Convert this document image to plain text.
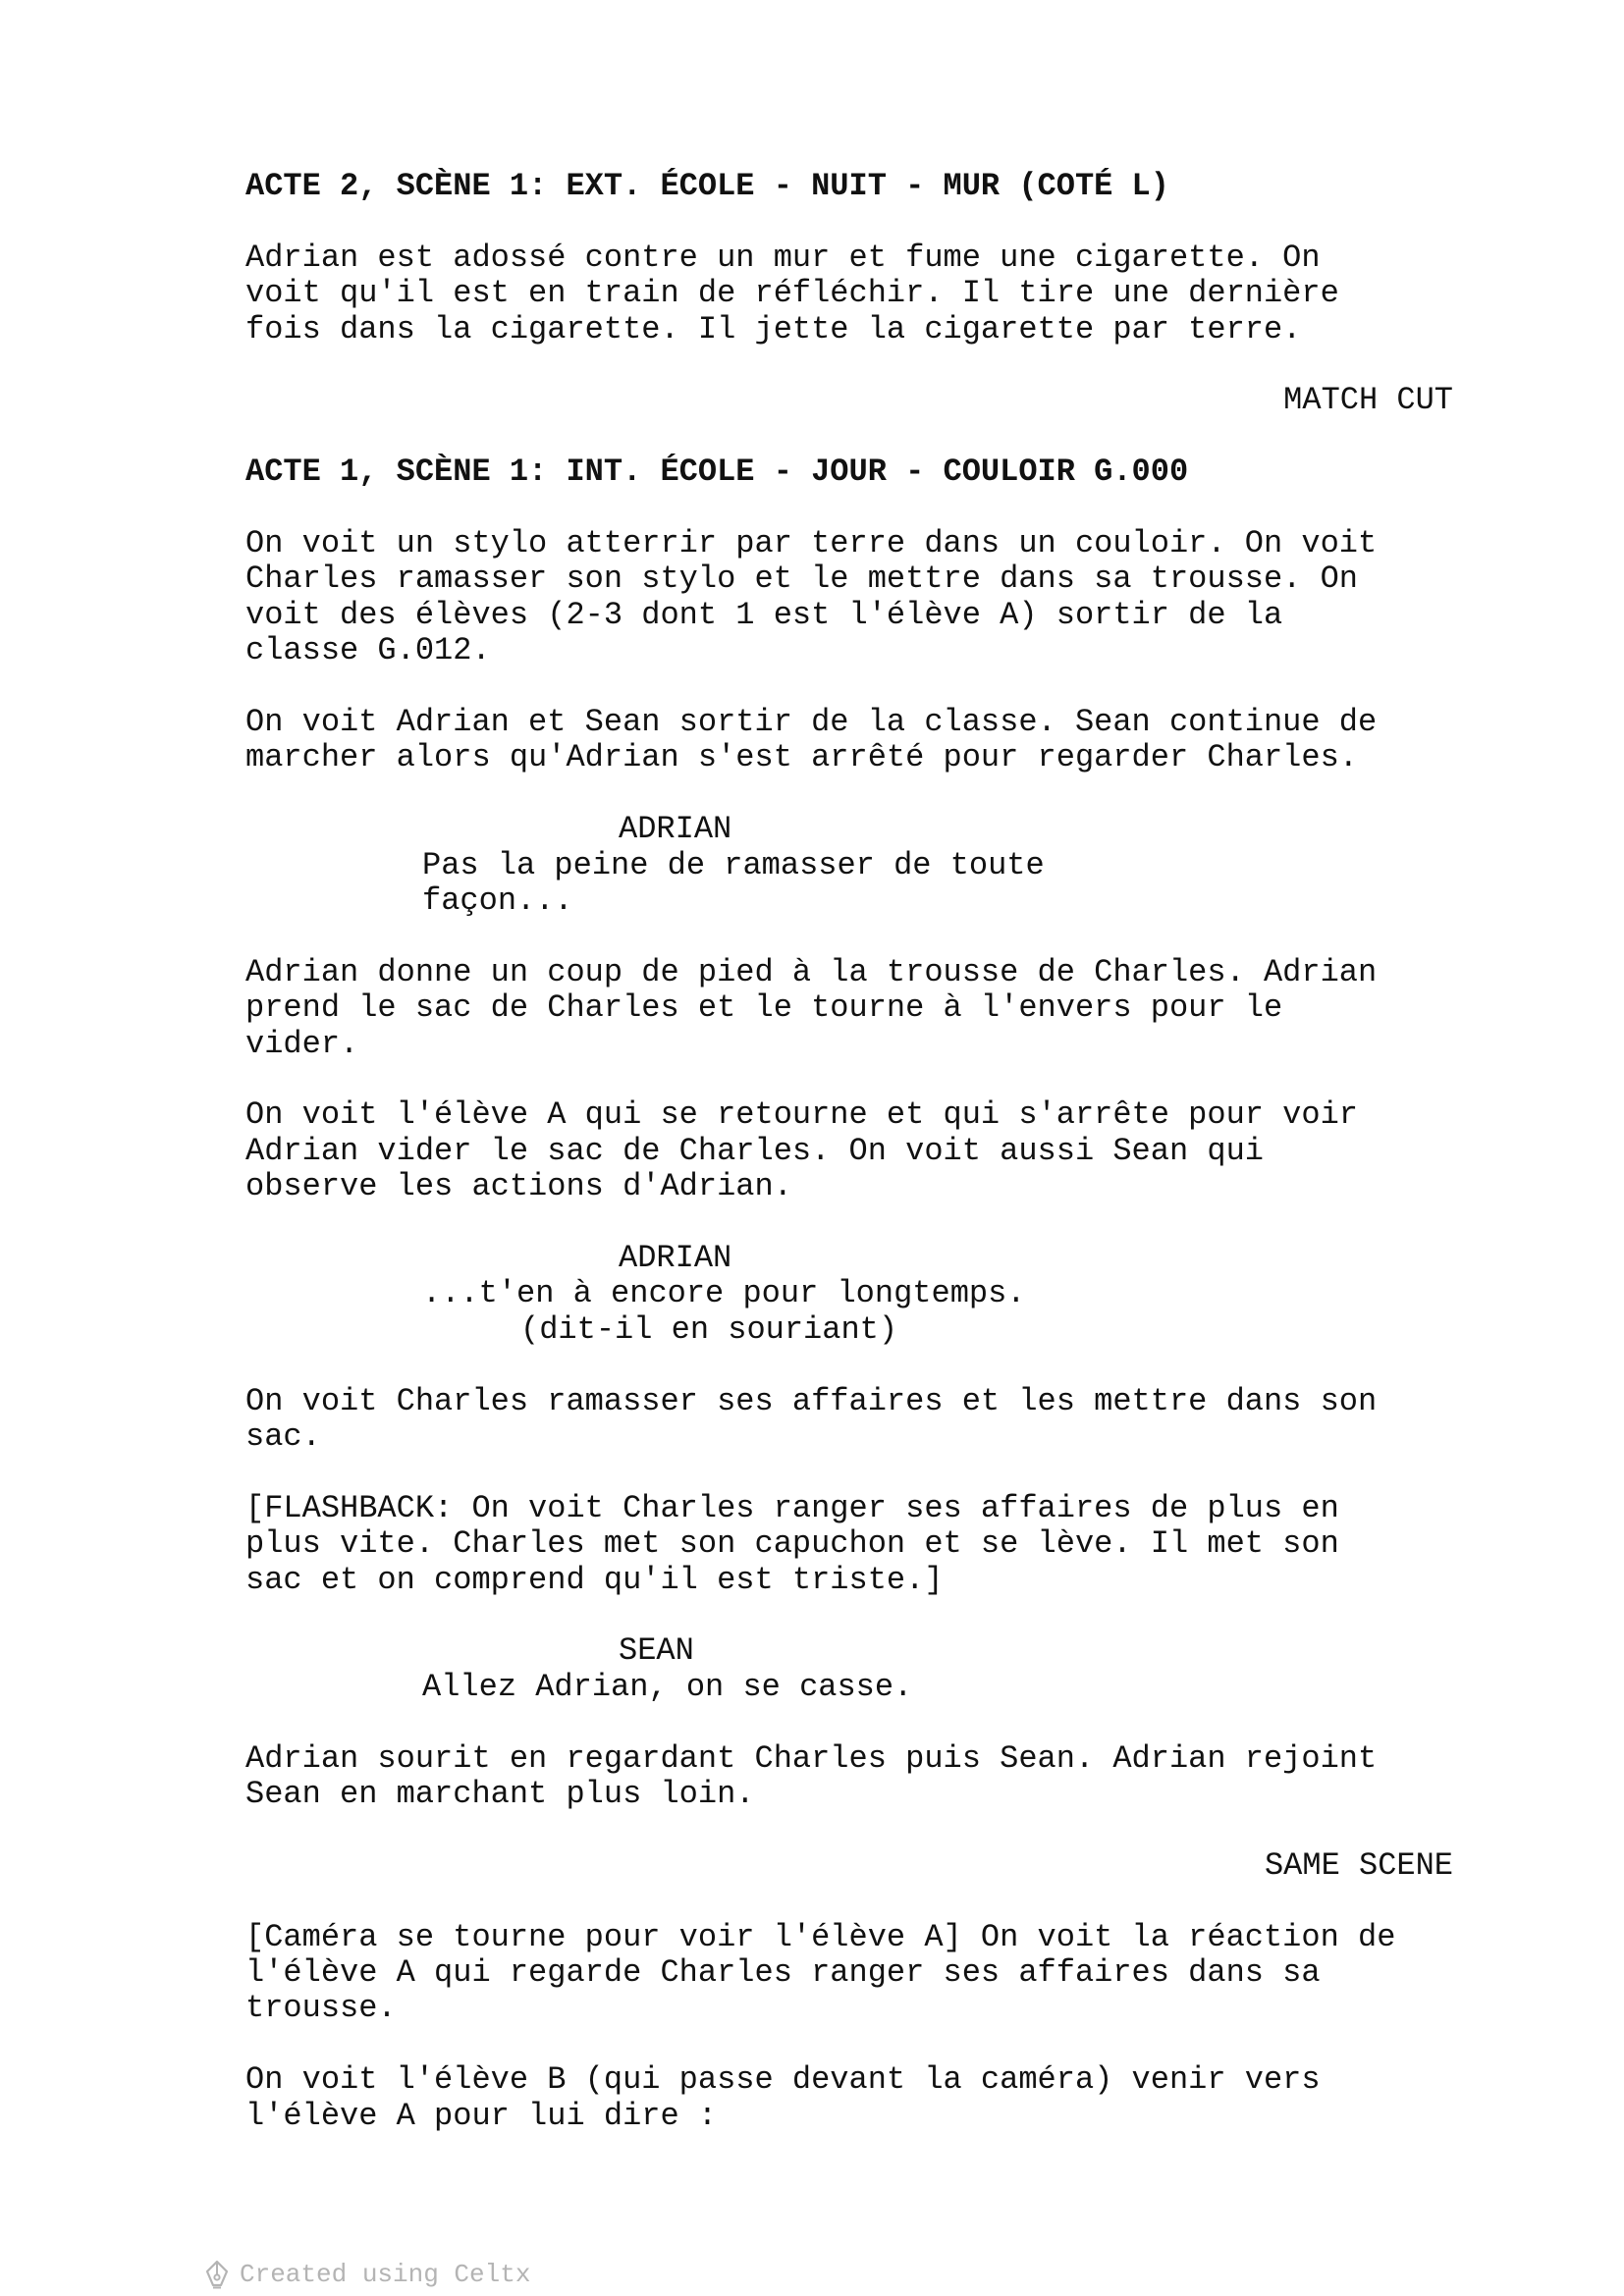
ACTE 2, SCÈNE 1: EXT. ÉCOLE - NUIT - MUR (COTÉ L)

Adrian est adossé contre un mur et fume une cigarette. On

voit qu'il est en train de réfléchir. Il tire une dernière

fois dans la cigarette. Il jette la cigarette par terre.

MATCH CUT

ACTE 1, SCÈNE 1: INT. ÉCOLE - JOUR - COULOIR G.000

On voit un stylo atterrir par terre dans un couloir. On voit

Charles ramasser son stylo et le mettre dans sa trousse. On

voit des élèves (2-3 dont 1 est l'élève A) sortir de la

classe G.012.

On voit Adrian et Sean sortir de la classe. Sean continue de

marcher alors qu'Adrian s'est arrêté pour regarder Charles.

ADRIAN

Pas la peine de ramasser de toute

façon...

Adrian donne un coup de pied à la trousse de Charles. Adrian

prend le sac de Charles et le tourne à l'envers pour le

vider.

On voit l'élève A qui se retourne et qui s'arrête pour voir

Adrian vider le sac de Charles. On voit aussi Sean qui

observe les actions d'Adrian.

ADRIAN

...t'en à encore pour longtemps.

(dit-il en souriant)

On voit Charles ramasser ses affaires et les mettre dans son

sac.

[FLASHBACK: On voit Charles ranger ses affaires de plus en

plus vite. Charles met son capuchon et se lève. Il met son

sac et on comprend qu'il est triste.]

SEAN

Allez Adrian, on se casse.

Adrian sourit en regardant Charles puis Sean. Adrian rejoint

Sean en marchant plus loin.

SAME SCENE

[Caméra se tourne pour voir l'élève A] On voit la réaction de

l'élève A qui regarde Charles ranger ses affaires dans sa

trousse.

On voit l'élève B (qui passe devant la caméra) venir vers

l'élève A pour lui dire :

Created using Celtx
